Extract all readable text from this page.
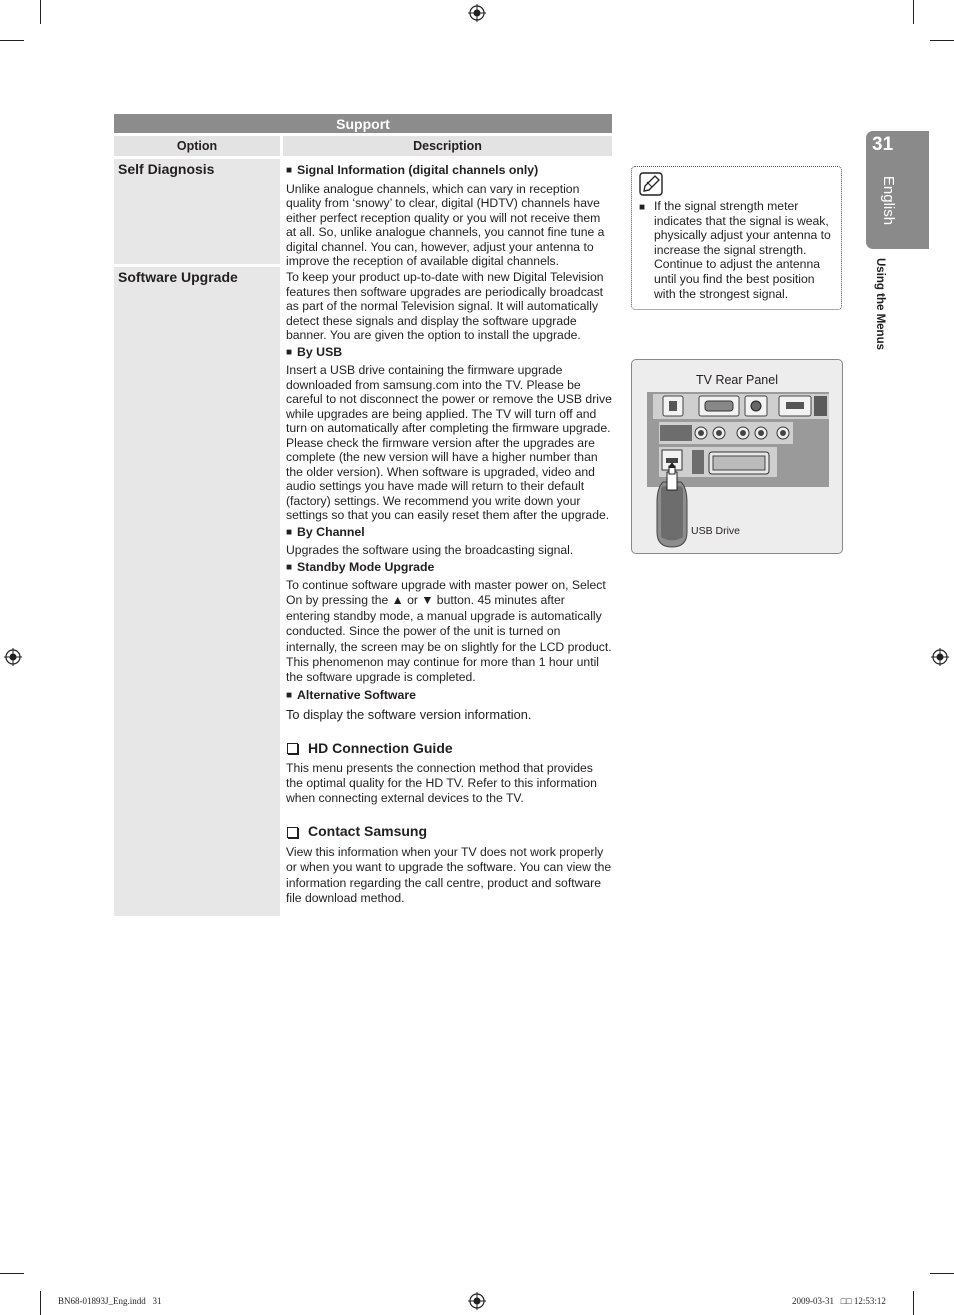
Support
Option	Description
Self Diagnosis	■ Signal Information (digital channels only)
Unlike analogue channels, which can vary in reception quality from ‘snowy’ to clear, digital (HDTV) channels have either perfect reception quality or you will not receive them at all. So, unlike analogue channels, you cannot fine tune a digital channel. You can, however, adjust your antenna to improve the reception of available digital channels.
Software Upgrade	To keep your product up-to-date with new Digital Television features then software upgrades are periodically broadcast as part of the normal Television signal. It will automatically detect these signals and display the software upgrade banner. You are given the option to install the upgrade.
■ By USB
Insert a USB drive containing the firmware upgrade downloaded from samsung.com into the TV. Please be careful to not disconnect the power or remove the USB drive while upgrades are being applied. The TV will turn off and turn on automatically after completing the firmware upgrade. Please check the firmware version after the upgrades are complete (the new version will have a higher number than the older version). When software is upgraded, video and audio settings you have made will return to their default (factory) settings. We recommend you write down your settings so that you can easily reset them after the upgrade.
■ By Channel
Upgrades the software using the broadcasting signal.
■ Standby Mode Upgrade
To continue software upgrade with master power on, Select On by pressing the ▲ or ▼ button. 45 minutes after entering standby mode, a manual upgrade is automatically conducted. Since the power of the unit is turned on internally, the screen may be on slightly for the LCD product. This phenomenon may continue for more than 1 hour until the software upgrade is completed.
■ Alternative Software
To display the software version information.
HD Connection Guide
This menu presents the connection method that provides the optimal quality for the HD TV. Refer to this information when connecting external devices to the TV.
Contact Samsung
View this information when your TV does not work properly or when you want to upgrade the software. You can view the information regarding the call centre, product and software file download method.
■ If the signal strength meter indicates that the signal is weak, physically adjust your antenna to increase the signal strength. Continue to adjust the antenna until you find the best position with the strongest signal.
TV Rear Panel
USB Drive
31
English
Using the Menus
BN68-01893J_Eng.indd   31	2009-03-31   □□ 12:53:12
